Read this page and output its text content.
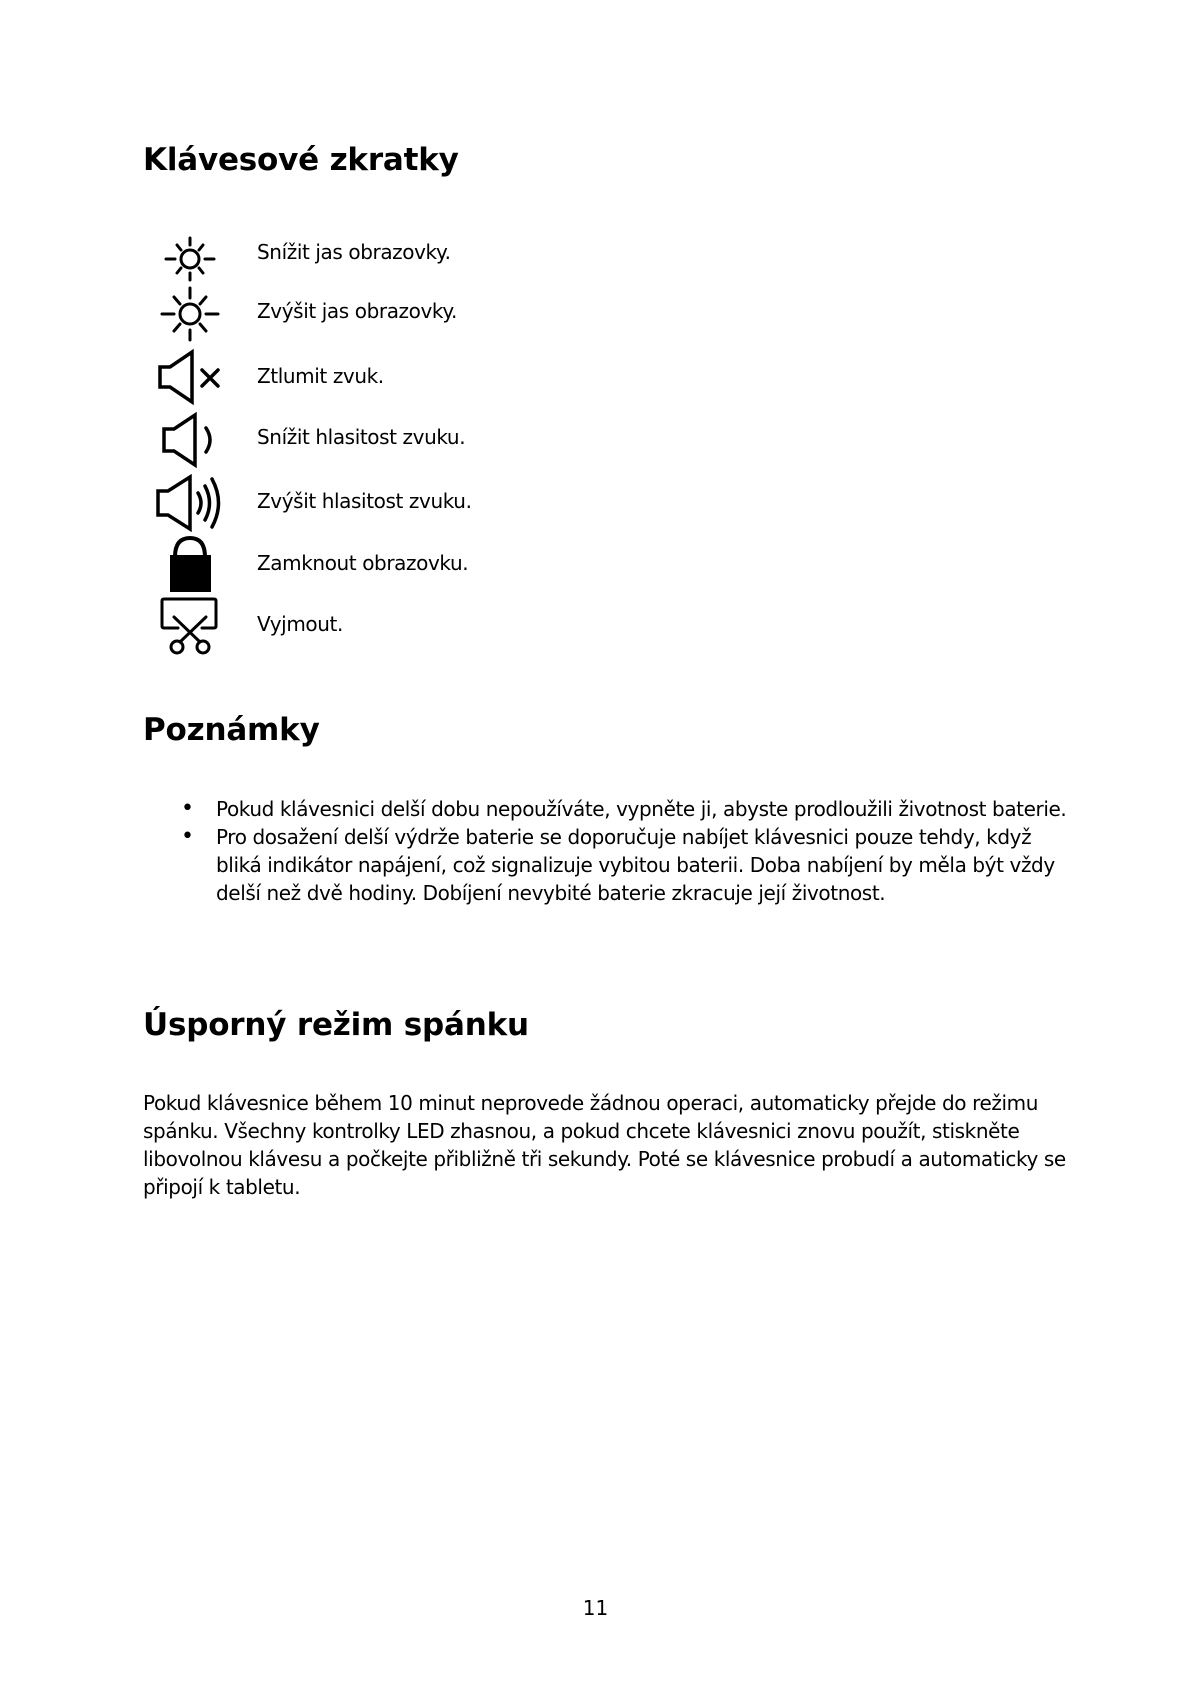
Klávesové zkratky
Snížit jas obrazovky.
Zvýšit jas obrazovky.
Ztlumit zvuk.
Snížit hlasitost zvuku.
Zvýšit hlasitost zvuku.
Zamknout obrazovku.
Vyjmout.
Poznámky
• Pokud klávesnici delší dobu nepoužíváte, vypněte ji, abyste prodloužili životnost baterie.
• Pro dosažení delší výdrže baterie se doporučuje nabíjet klávesnici pouze tehdy, když bliká indikátor napájení, což signalizuje vybitou baterii. Doba nabíjení by měla být vždy delší než dvě hodiny. Dobíjení nevybité baterie zkracuje její životnost.
Úsporný režim spánku

Pokud klávesnice během 10 minut neprovede žádnou operaci, automaticky přejde do režimu spánku. Všechny kontrolky LED zhasnou, a pokud chcete klávesnici znovu použít, stiskněte libovolnou klávesu a počkejte přibližně tři sekundy. Poté se klávesnice probudí a automaticky se připojí k tabletu.

11
